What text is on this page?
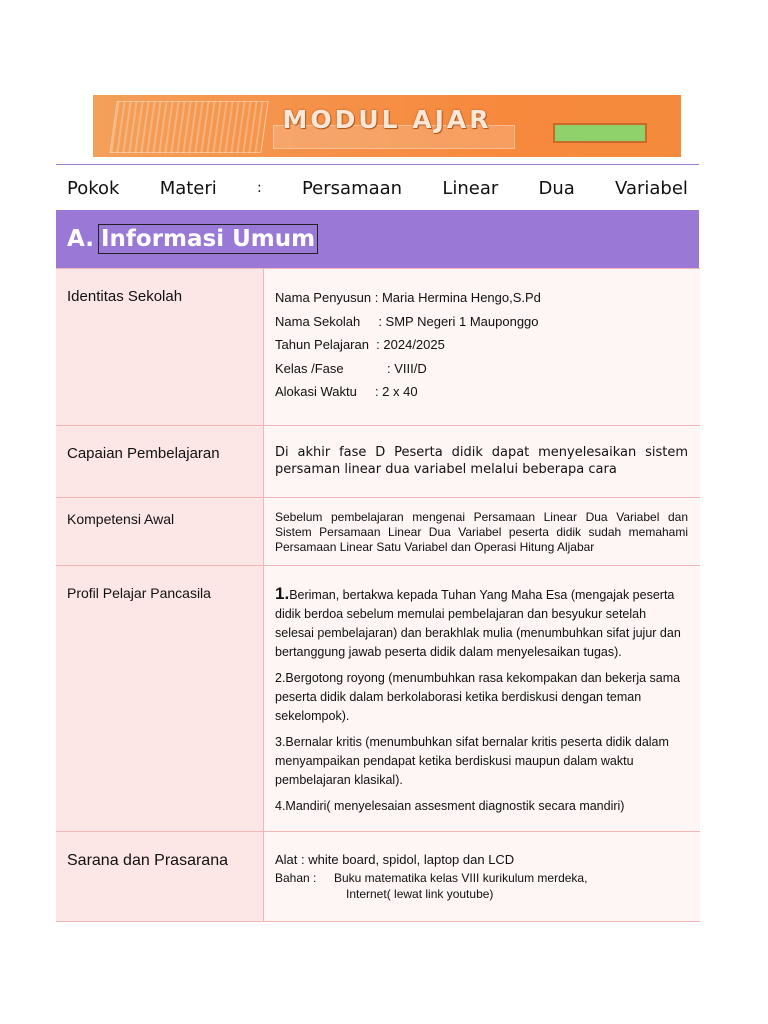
MODUL AJAR
Pokok Materi	: Persamaan Linear Dua Variabel
A. Informasi Umum
Identitas Sekolah	Nama Penyusun : Maria Hermina Hengo,S.Pd
Nama Sekolah     : SMP Negeri 1 Mauponggo
Tahun Pelajaran  : 2024/2025
Kelas /Fase            : VIII/D
Alokasi Waktu     : 2 x 40

Capaian Pembelajaran	Di akhir fase D Peserta didik dapat menyelesaikan sistem persaman linear dua variabel melalui beberapa cara

Kompetensi Awal	Sebelum pembelajaran mengenai Persamaan Linear Dua Variabel dan Sistem Persamaan Linear Dua Variabel peserta didik sudah memahami Persamaan Linear Satu Variabel dan Operasi Hitung Aljabar

Profil Pelajar Pancasila	1.Beriman, bertakwa kepada Tuhan Yang Maha Esa (mengajak peserta didik berdoa sebelum memulai pembelajaran dan besyukur setelah selesai pembelajaran) dan berakhlak mulia (menumbuhkan sifat jujur dan bertanggung jawab peserta didik dalam menyelesaikan tugas).

2.Bergotong royong (menumbuhkan rasa kekompakan dan bekerja sama peserta didik dalam berkolaborasi ketika berdiskusi dengan teman sekelompok).

3.Bernalar kritis (menumbuhkan sifat bernalar kritis peserta didik dalam menyampaikan pendapat ketika berdiskusi maupun dalam waktu pembelajaran klasikal).

4.Mandiri( menyelesaian assesment diagnostik secara mandiri)

Sarana dan Prasarana	Alat : white board, spidol, laptop dan LCD
Bahan : Buku matematika kelas VIII kurikulum merdeka,
Internet( lewat link youtube)
